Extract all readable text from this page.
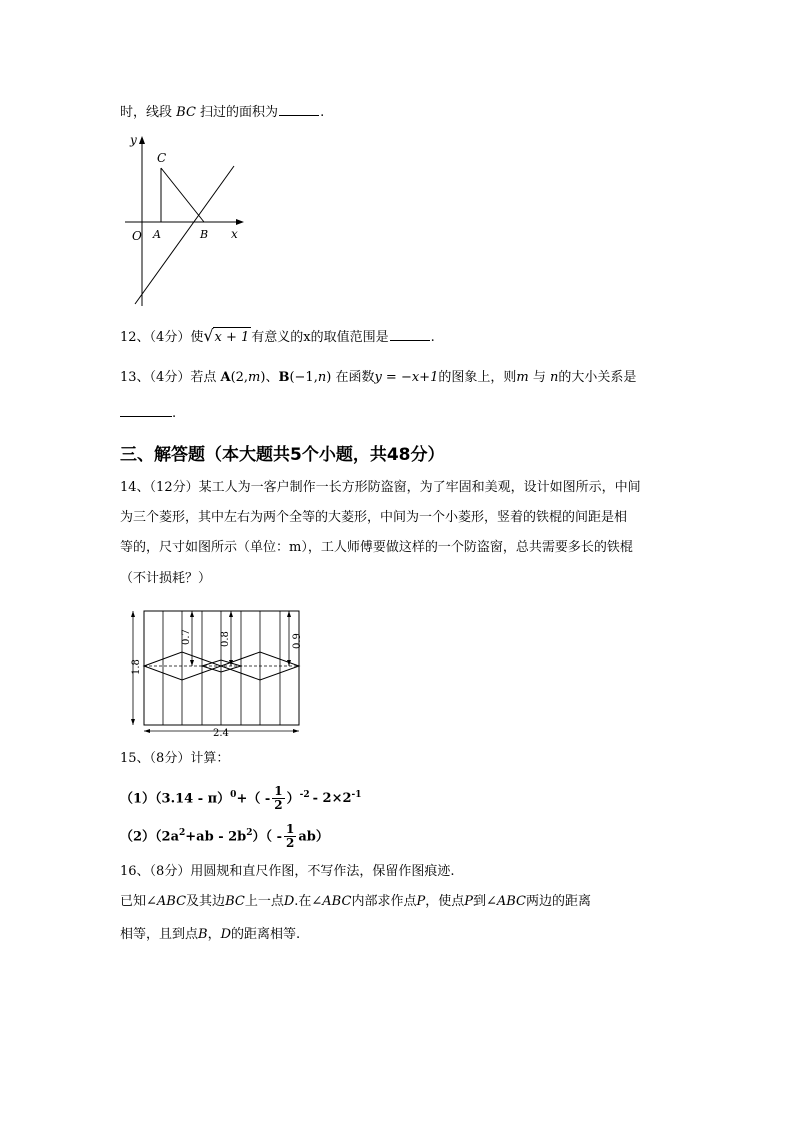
时，线段 BC 扫过的面积为	.
y
C
O A	B x
12、（4分）使√x + 1 有意义的x的取值范围是	.
13、（4分）若点 A(2,m)、B(−1,n) 在函数y = −x+1的图象上，则m 与 n的大小关系是
.
三、解答题（本大题共5个小题，共48分）
14、（12分）某工人为一客户制作一长方形防盗窗，为了牢固和美观，设计如图所示，中间
为三个菱形，其中左右为两个全等的大菱形，中间为一个小菱形，竖着的铁棍的间距是相
等的，尺寸如图所示（单位：m），工人师傅要做这样的一个防盗窗，总共需要多长的铁棍
（不计损耗？）
1.8
2.4
0.7	0.8	0.9
15、（8分）计算：
$(1)(3.14 - \pi)^0+( - \frac{1}{2} )^{-2} - 2\times 2^{-1}$
$(2)(2a^2+ab - 2b^2)( - \frac{1}{2} ab)$
16、（8分）用圆规和直尺作图，不写作法，保留作图痕迹.
已知∠ABC及其边BC上一点D.在∠ABC内部求作点P，使点P到∠ABC两边的距离
相等，且到点B，D的距离相等.
